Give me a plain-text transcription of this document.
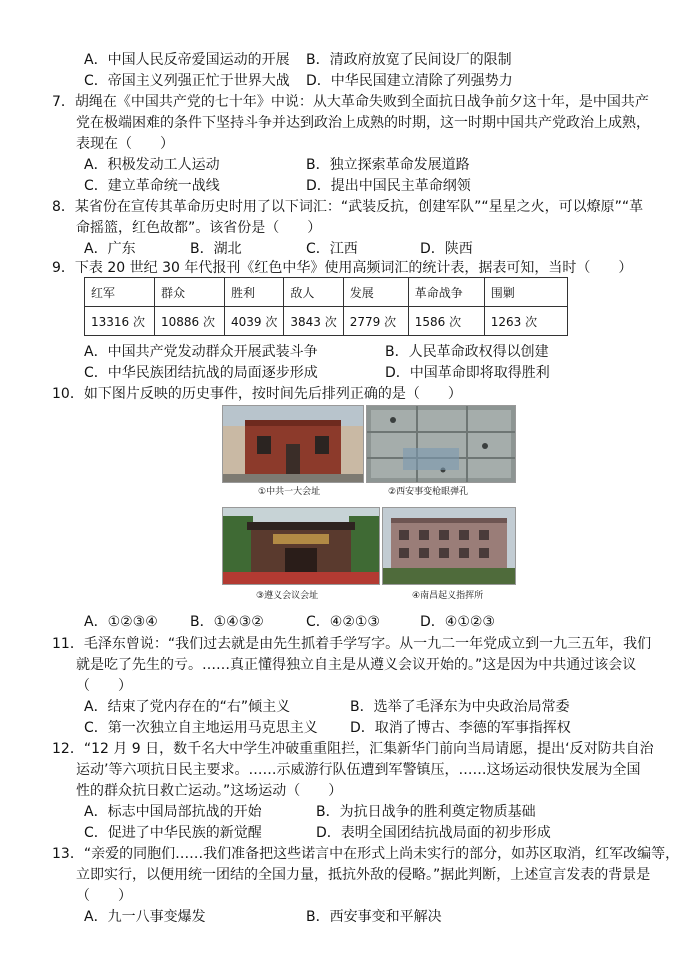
A．中国人民反帝爱国运动的开展 B．清政府放宽了民间设厂的限制
C．帝国主义列强正忙于世界大战 D．中华民国建立清除了列强势力
7．胡绳在《中国共产党的七十年》中说：从大革命失败到全面抗日战争前夕这十年，是中国共产
党在极端困难的条件下坚持斗争并达到政治上成熟的时期，这一时期中国共产党政治上成熟，
表现在（　　）
A．积极发动工人运动	B．独立探索革命发展道路
C．建立革命统一战线	D．提出中国民主革命纲领
8．某省份在宣传其革命历史时用了以下词汇：“武装反抗，创建军队”“星星之火，可以燎原”“革
命摇篮，红色故都”。该省份是（　　）
A．广东	B．湖北	C．江西	D．陕西
9．下表 20 世纪 30 年代报刊《红色中华》使用高频词汇的统计表，据表可知，当时（　　）
红军	群众	胜利	敌人	发展	革命战争	围剿
13316 次	10886 次	4039 次	3843 次	2779 次	1586 次	1263 次
A．中国共产党发动群众开展武装斗争	B．人民革命政权得以创建
C．中华民族团结抗战的局面逐步形成	D．中国革命即将取得胜利
10．如下图片反映的历史事件，按时间先后排列正确的是（　　）
①中共一大会址	②西安事变枪眼弹孔
③遵义会议会址	④南昌起义指挥所
A．①②③④ B．①④③②	C．④②①③	D．④①②③
11．毛泽东曾说：“我们过去就是由先生抓着手学写字。从一九二一年党成立到一九三五年，我们
就是吃了先生的亏。……真正懂得独立自主是从遵义会议开始的。”这是因为中共通过该会议
（　　）
A．结束了党内存在的“右”倾主义	B．选举了毛泽东为中央政治局常委
C．第一次独立自主地运用马克思主义 D．取消了博古、李德的军事指挥权
12．“12 月 9 日，数千名大中学生冲破重重阻拦，汇集新华门前向当局请愿，提出‘反对防共自治
运动’等六项抗日民主要求。……示威游行队伍遭到军警镇压，……这场运动很快发展为全国
性的群众抗日救亡运动。”这场运动（　　）
A．标志中国局部抗战的开始	B．为抗日战争的胜利奠定物质基础
C．促进了中华民族的新觉醒	D．表明全国团结抗战局面的初步形成
13．“亲爱的同胞们……我们准备把这些诺言中在形式上尚未实行的部分，如苏区取消，红军改编等，
立即实行，以便用统一团结的全国力量，抵抗外敌的侵略。”据此判断，上述宣言发表的背景是
（　　）
A．九一八事变爆发	B．西安事变和平解决
